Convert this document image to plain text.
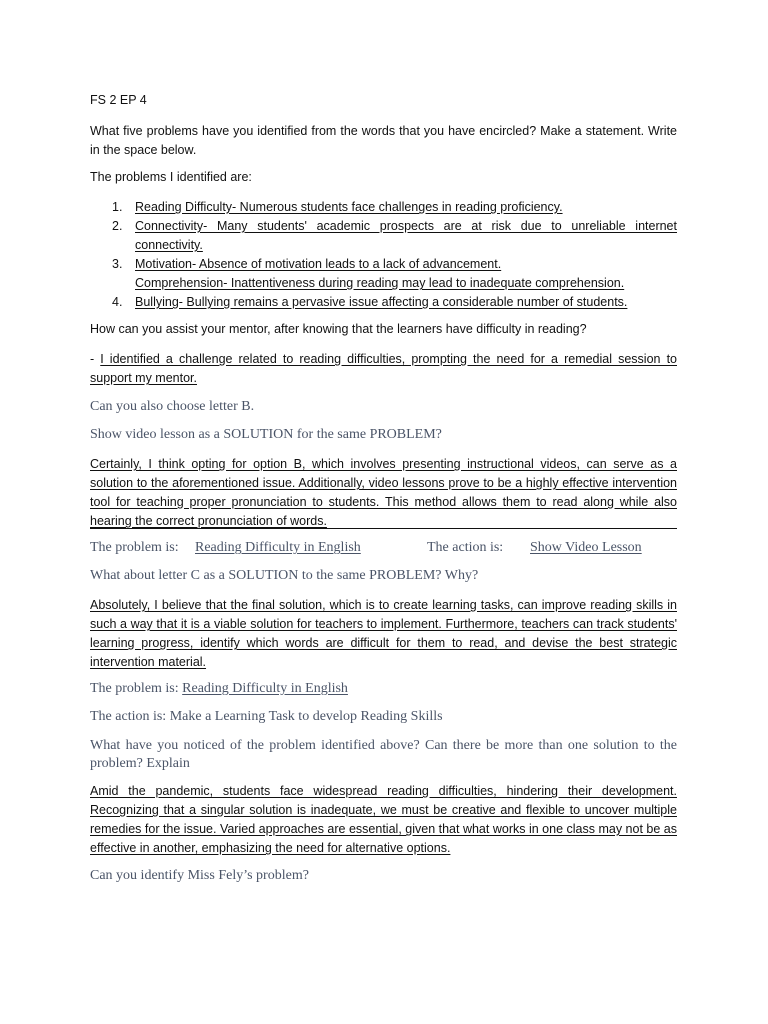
FS 2 EP 4

What five problems have you identified from the words that you have encircled? Make a statement. Write in the space below.

The problems I identified are:

1. Reading Difficulty- Numerous students face challenges in reading proficiency.
2. Connectivity- Many students' academic prospects are at risk due to unreliable internet connectivity.
3. Motivation- Absence of motivation leads to a lack of advancement.
Comprehension- Inattentiveness during reading may lead to inadequate comprehension.
4. Bullying- Bullying remains a pervasive issue affecting a considerable number of students.

How can you assist your mentor, after knowing that the learners have difficulty in reading?

- I identified a challenge related to reading difficulties, prompting the need for a remedial session to support my mentor.

Can you also choose letter B.

Show video lesson as a SOLUTION for the same PROBLEM?

Certainly, I think opting for option B, which involves presenting instructional videos, can serve as a solution to the aforementioned issue. Additionally, video lessons prove to be a highly effective intervention tool for teaching proper pronunciation to students. This method allows them to read along while also hearing the correct pronunciation of words.

The problem is: Reading Difficulty in English	The action is: Show Video Lesson

What about letter C as a SOLUTION to the same PROBLEM? Why?

Absolutely, I believe that the final solution, which is to create learning tasks, can improve reading skills in such a way that it is a viable solution for teachers to implement. Furthermore, teachers can track students' learning progress, identify which words are difficult for them to read, and devise the best strategic intervention material.

The problem is: Reading Difficulty in English
The action is: Make a Learning Task to develop Reading Skills

What have you noticed of the problem identified above? Can there be more than one solution to the problem? Explain

Amid the pandemic, students face widespread reading difficulties, hindering their development. Recognizing that a singular solution is inadequate, we must be creative and flexible to uncover multiple remedies for the issue. Varied approaches are essential, given that what works in one class may not be as effective in another, emphasizing the need for alternative options.

Can you identify Miss Fely’s problem?
